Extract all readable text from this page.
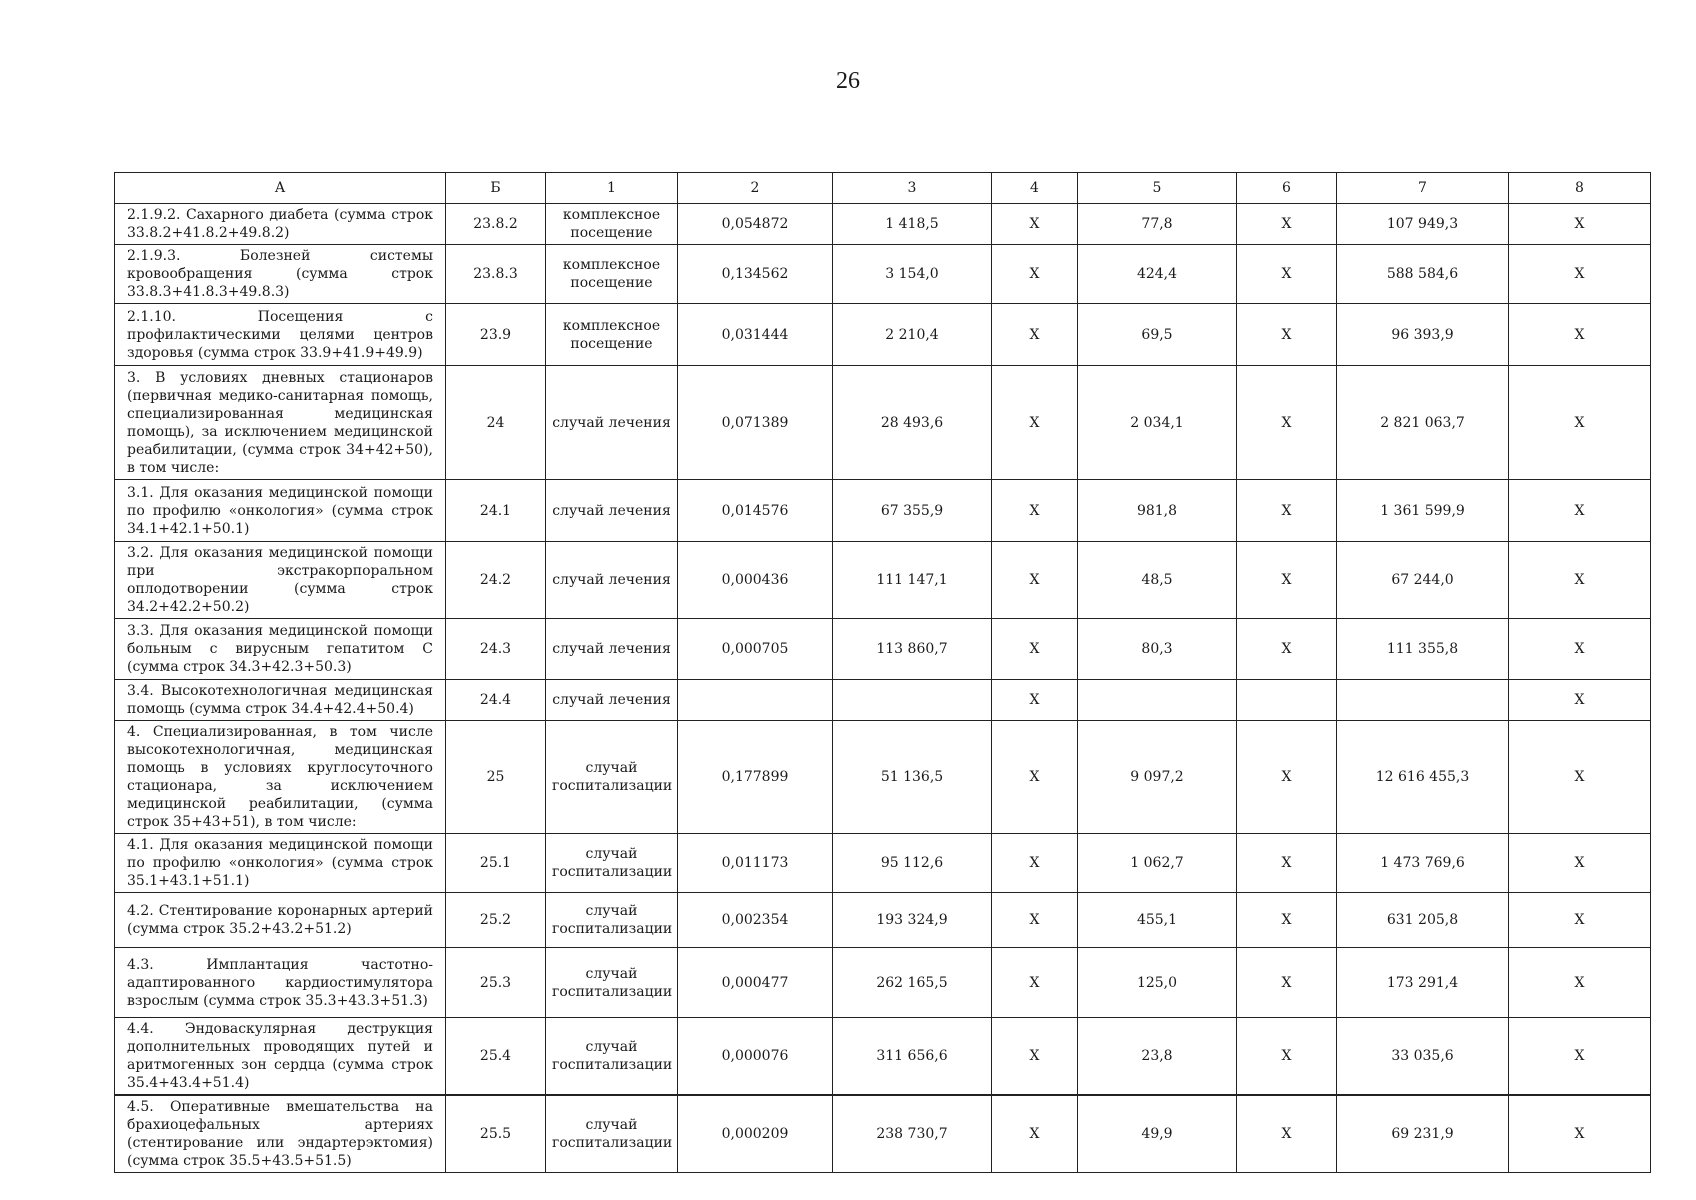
26
А	Б	1	2	3	4	5	6	7	8
2.1.9.2. Сахарного диабета (сумма строк 33.8.2+41.8.2+49.8.2)	23.8.2	комплексное посещение	0,054872	1 418,5	Х	77,8	Х	107 949,3	Х
2.1.9.3. Болезней системы кровообращения (сумма строк 33.8.3+41.8.3+49.8.3)	23.8.3	комплексное посещение	0,134562	3 154,0	Х	424,4	Х	588 584,6	Х
2.1.10. Посещения с профилактическими целями центров здоровья (сумма строк 33.9+41.9+49.9)	23.9	комплексное посещение	0,031444	2 210,4	Х	69,5	Х	96 393,9	Х
3. В условиях дневных стационаров (первичная медико-санитарная помощь, специализированная медицинская помощь), за исключением медицинской реабилитации, (сумма строк 34+42+50), в том числе:	24	случай лечения	0,071389	28 493,6	Х	2 034,1	Х	2 821 063,7	Х
3.1. Для оказания медицинской помощи по профилю «онкология» (сумма строк 34.1+42.1+50.1)	24.1	случай лечения	0,014576	67 355,9	Х	981,8	Х	1 361 599,9	Х
3.2. Для оказания медицинской помощи при экстракорпоральном оплодотворении (сумма строк 34.2+42.2+50.2)	24.2	случай лечения	0,000436	111 147,1	Х	48,5	Х	67 244,0	Х
3.3. Для оказания медицинской помощи больным с вирусным гепатитом С (сумма строк 34.3+42.3+50.3)	24.3	случай лечения	0,000705	113 860,7	Х	80,3	Х	111 355,8	Х
3.4. Высокотехнологичная медицинская помощь (сумма строк 34.4+42.4+50.4)	24.4	случай лечения			Х				Х
4. Специализированная, в том числе высокотехнологичная, медицинская помощь в условиях круглосуточного стационара, за исключением медицинской реабилитации, (сумма строк 35+43+51), в том числе:	25	случай госпитализации	0,177899	51 136,5	Х	9 097,2	Х	12 616 455,3	Х
4.1. Для оказания медицинской помощи по профилю «онкология» (сумма строк 35.1+43.1+51.1)	25.1	случай госпитализации	0,011173	95 112,6	Х	1 062,7	Х	1 473 769,6	Х
4.2. Стентирование коронарных артерий (сумма строк 35.2+43.2+51.2)	25.2	случай госпитализации	0,002354	193 324,9	Х	455,1	Х	631 205,8	Х
4.3. Имплантация частотно-адаптированного кардиостимулятора взрослым (сумма строк 35.3+43.3+51.3)	25.3	случай госпитализации	0,000477	262 165,5	Х	125,0	Х	173 291,4	Х
4.4. Эндоваскулярная деструкция дополнительных проводящих путей и аритмогенных зон сердца (сумма строк 35.4+43.4+51.4)	25.4	случай госпитализации	0,000076	311 656,6	Х	23,8	Х	33 035,6	Х
4.5. Оперативные вмешательства на брахиоцефальных артериях (стентирование или эндартерэктомия) (сумма строк 35.5+43.5+51.5)	25.5	случай госпитализации	0,000209	238 730,7	Х	49,9	Х	69 231,9	Х
